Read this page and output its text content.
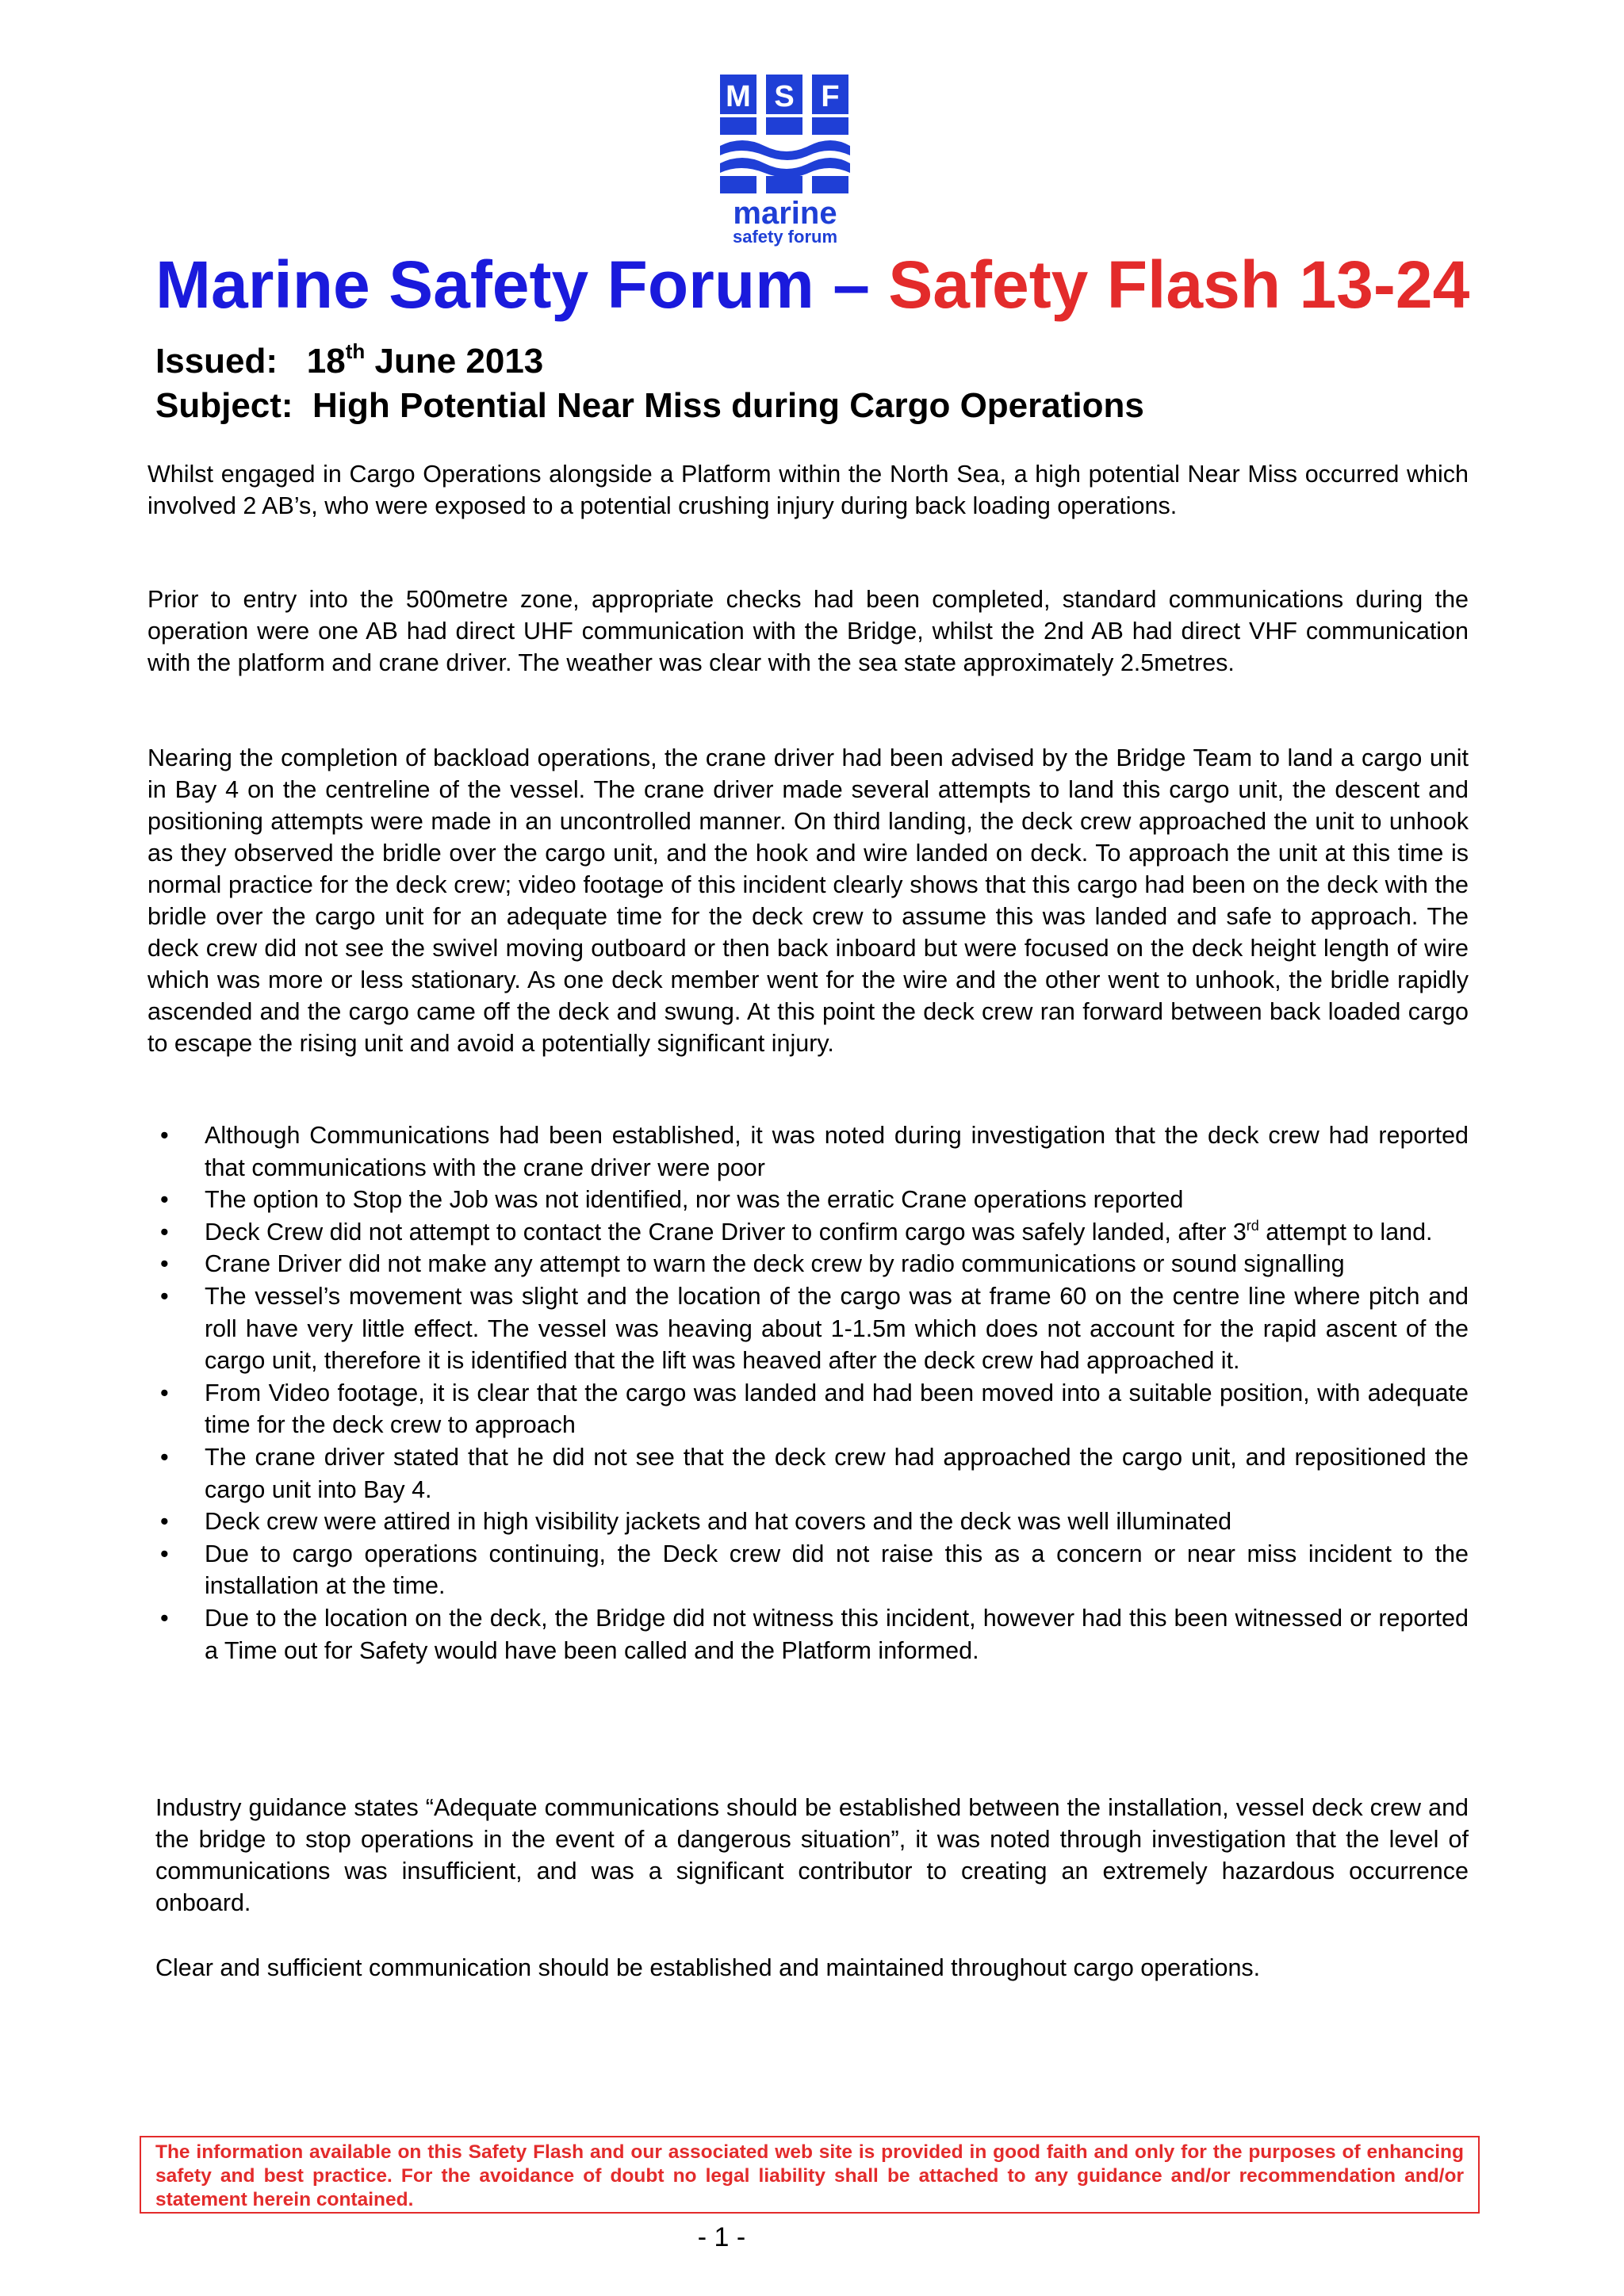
M S F
marine
safety forum
Marine Safety Forum – Safety Flash 13-24
Issued: 18th June 2013
Subject: High Potential Near Miss during Cargo Operations

Whilst engaged in Cargo Operations alongside a Platform within the North Sea, a high potential Near Miss occurred which involved 2 AB’s, who were exposed to a potential crushing injury during back loading operations.

Prior to entry into the 500metre zone, appropriate checks had been completed, standard communications during the operation were one AB had direct UHF communication with the Bridge, whilst the 2nd AB had direct VHF communication with the platform and crane driver. The weather was clear with the sea state approximately 2.5metres.

Nearing the completion of backload operations, the crane driver had been advised by the Bridge Team to land a cargo unit in Bay 4 on the centreline of the vessel. The crane driver made several attempts to land this cargo unit, the descent and positioning attempts were made in an uncontrolled manner. On third landing, the deck crew approached the unit to unhook as they observed the bridle over the cargo unit, and the hook and wire landed on deck. To approach the unit at this time is normal practice for the deck crew; video footage of this incident clearly shows that this cargo had been on the deck with the bridle over the cargo unit for an adequate time for the deck crew to assume this was landed and safe to approach. The deck crew did not see the swivel moving outboard or then back inboard but were focused on the deck height length of wire which was more or less stationary. As one deck member went for the wire and the other went to unhook, the bridle rapidly ascended and the cargo came off the deck and swung. At this point the deck crew ran forward between back loaded cargo to escape the rising unit and avoid a potentially significant injury.

• Although Communications had been established, it was noted during investigation that the deck crew had reported that communications with the crane driver were poor
• The option to Stop the Job was not identified, nor was the erratic Crane operations reported
• Deck Crew did not attempt to contact the Crane Driver to confirm cargo was safely landed, after 3rd attempt to land.
• Crane Driver did not make any attempt to warn the deck crew by radio communications or sound signalling
• The vessel’s movement was slight and the location of the cargo was at frame 60 on the centre line where pitch and roll have very little effect. The vessel was heaving about 1-1.5m which does not account for the rapid ascent of the cargo unit, therefore it is identified that the lift was heaved after the deck crew had approached it.
• From Video footage, it is clear that the cargo was landed and had been moved into a suitable position, with adequate time for the deck crew to approach
• The crane driver stated that he did not see that the deck crew had approached the cargo unit, and repositioned the cargo unit into Bay 4.
• Deck crew were attired in high visibility jackets and hat covers and the deck was well illuminated
• Due to cargo operations continuing, the Deck crew did not raise this as a concern or near miss incident to the installation at the time.
• Due to the location on the deck, the Bridge did not witness this incident, however had this been witnessed or reported a Time out for Safety would have been called and the Platform informed.

Industry guidance states “Adequate communications should be established between the installation, vessel deck crew and the bridge to stop operations in the event of a dangerous situation”, it was noted through investigation that the level of communications was insufficient, and was a significant contributor to creating an extremely hazardous occurrence onboard.

Clear and sufficient communication should be established and maintained throughout cargo operations.

The information available on this Safety Flash and our associated web site is provided in good faith and only for the purposes of enhancing safety and best practice. For the avoidance of doubt no legal liability shall be attached to any guidance and/or recommendation and/or statement herein contained.
- 1 -
